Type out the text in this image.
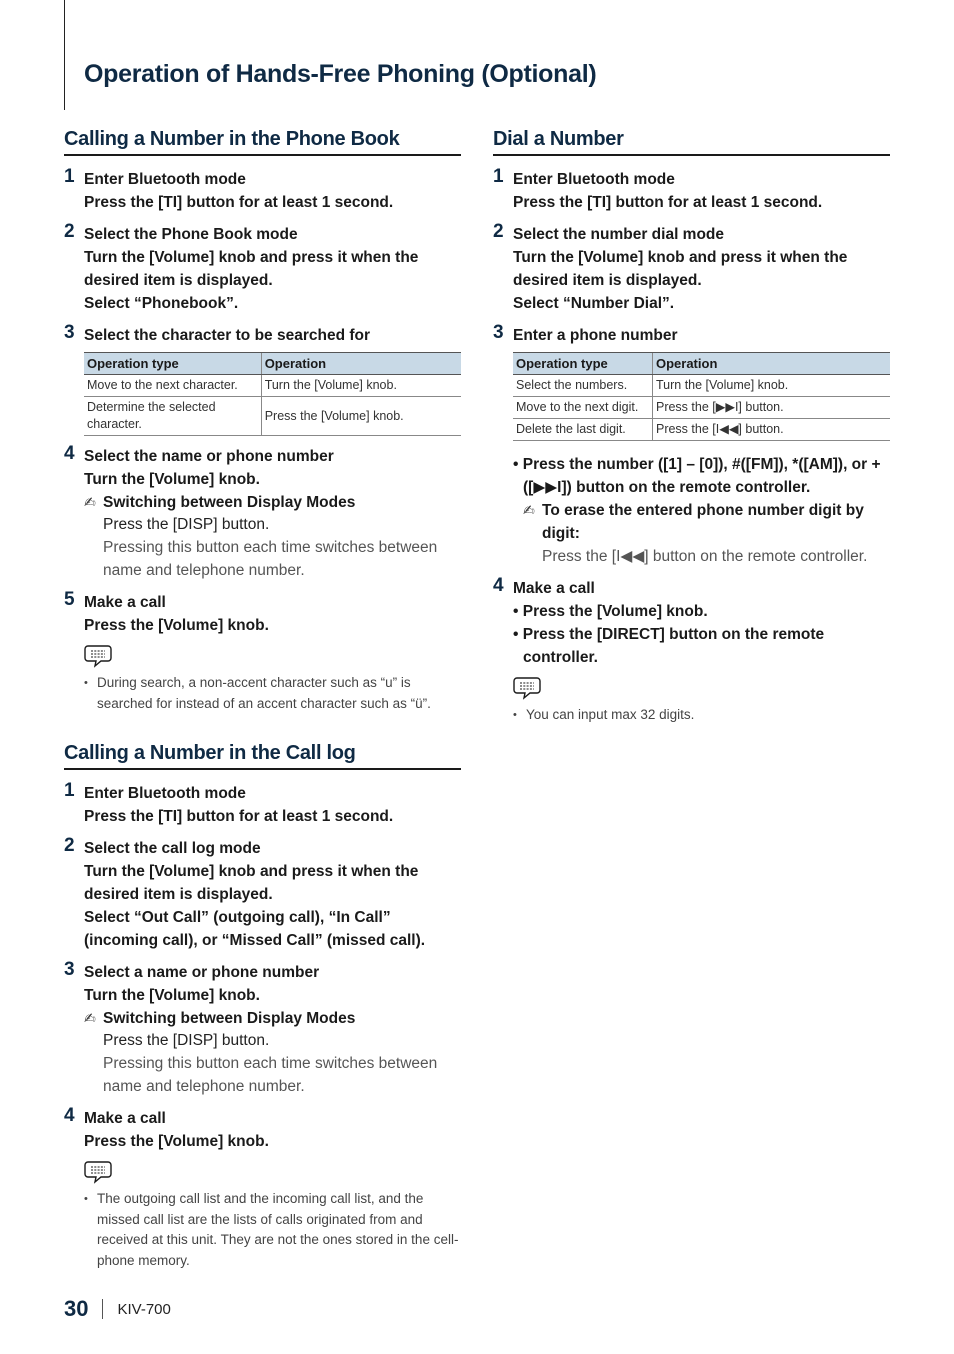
Operation of Hands-Free Phoning (Optional)
Calling a Number in the Phone Book
1 Enter Bluetooth mode
Press the [TI] button for at least 1 second.
2 Select the Phone Book mode
Turn the [Volume] knob and press it when the desired item is displayed.
Select “Phonebook”.
3 Select the character to be searched for
Operation type	Operation
Move to the next character.	Turn the [Volume] knob.
Determine the selected character.	Press the [Volume] knob.
4 Select the name or phone number
Turn the [Volume] knob.
✍ Switching between Display Modes
Press the [DISP] button.
Pressing this button each time switches between name and telephone number.
5 Make a call
Press the [Volume] knob.
• During search, a non-accent character such as “u” is searched for instead of an accent character such as “ü”.
Calling a Number in the Call log
1 Enter Bluetooth mode
Press the [TI] button for at least 1 second.
2 Select the call log mode
Turn the [Volume] knob and press it when the desired item is displayed.
Select “Out Call” (outgoing call), “In Call” (incoming call), or “Missed Call” (missed call).
3 Select a name or phone number
Turn the [Volume] knob.
✍ Switching between Display Modes
Press the [DISP] button.
Pressing this button each time switches between name and telephone number.
4 Make a call
Press the [Volume] knob.
• The outgoing call list and the incoming call list, and the missed call list are the lists of calls originated from and received at this unit. They are not the ones stored in the cell-phone memory.
Dial a Number
1 Enter Bluetooth mode
Press the [TI] button for at least 1 second.
2 Select the number dial mode
Turn the [Volume] knob and press it when the desired item is displayed.
Select “Number Dial”.
3 Enter a phone number
Operation type	Operation
Select the numbers.	Turn the [Volume] knob.
Move to the next digit.	Press the [▶▶I] button.
Delete the last digit.	Press the [I◀◀] button.
• Press the number ([1] – [0]), #([FM]), *([AM]), or +([▶▶I]) button on the remote controller.
✍ To erase the entered phone number digit by digit:
Press the [I◀◀] button on the remote controller.
4 Make a call
• Press the [Volume] knob.
• Press the [DIRECT] button on the remote controller.
• You can input max 32 digits.
30 KIV-700
